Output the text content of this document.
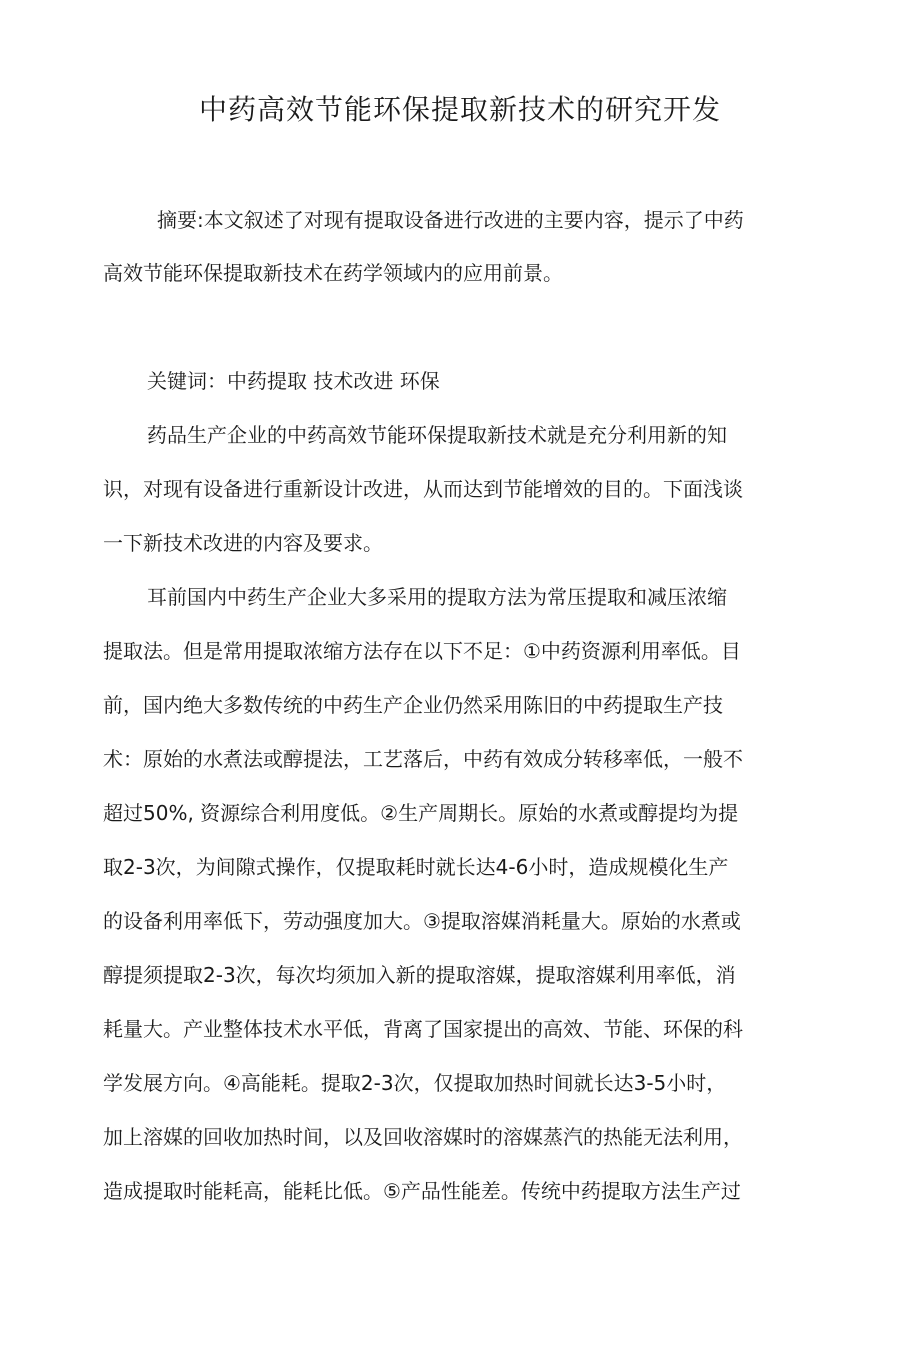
中药高效节能环保提取新技术的研究开发
摘要:本文叙述了对现有提取设备进行改进的主要内容，提示了中药
高效节能环保提取新技术在药学领域内的应用前景。
关键词：中药提取 技术改进 环保
药品生产企业的中药高效节能环保提取新技术就是充分利用新的知
识，对现有设备进行重新设计改进，从而达到节能增效的目的。下面浅谈
一下新技术改进的内容及要求。
耳前国内中药生产企业大多采用的提取方法为常压提取和减压浓缩
提取法。但是常用提取浓缩方法存在以下不足：①中药资源利用率低。目
前，国内绝大多数传统的中药生产企业仍然采用陈旧的中药提取生产技
术：原始的水煮法或醇提法，工艺落后，中药有效成分转移率低，一般不
超过50%, 资源综合利用度低。②生产周期长。原始的水煮或醇提均为提
取2-3次，为间隙式操作，仅提取耗时就长达4-6小时，造成规模化生产
的设备利用率低下，劳动强度加大。③提取溶媒消耗量大。原始的水煮或
醇提须提取2-3次，每次均须加入新的提取溶媒，提取溶媒利用率低，消
耗量大。产业整体技术水平低，背离了国家提出的高效、节能、环保的科
学发展方向。④高能耗。提取2-3次，仅提取加热时间就长达3-5小时，
加上溶媒的回收加热时间，以及回收溶媒时的溶媒蒸汽的热能无法利用，
造成提取时能耗高，能耗比低。⑤产品性能差。传统中药提取方法生产过
